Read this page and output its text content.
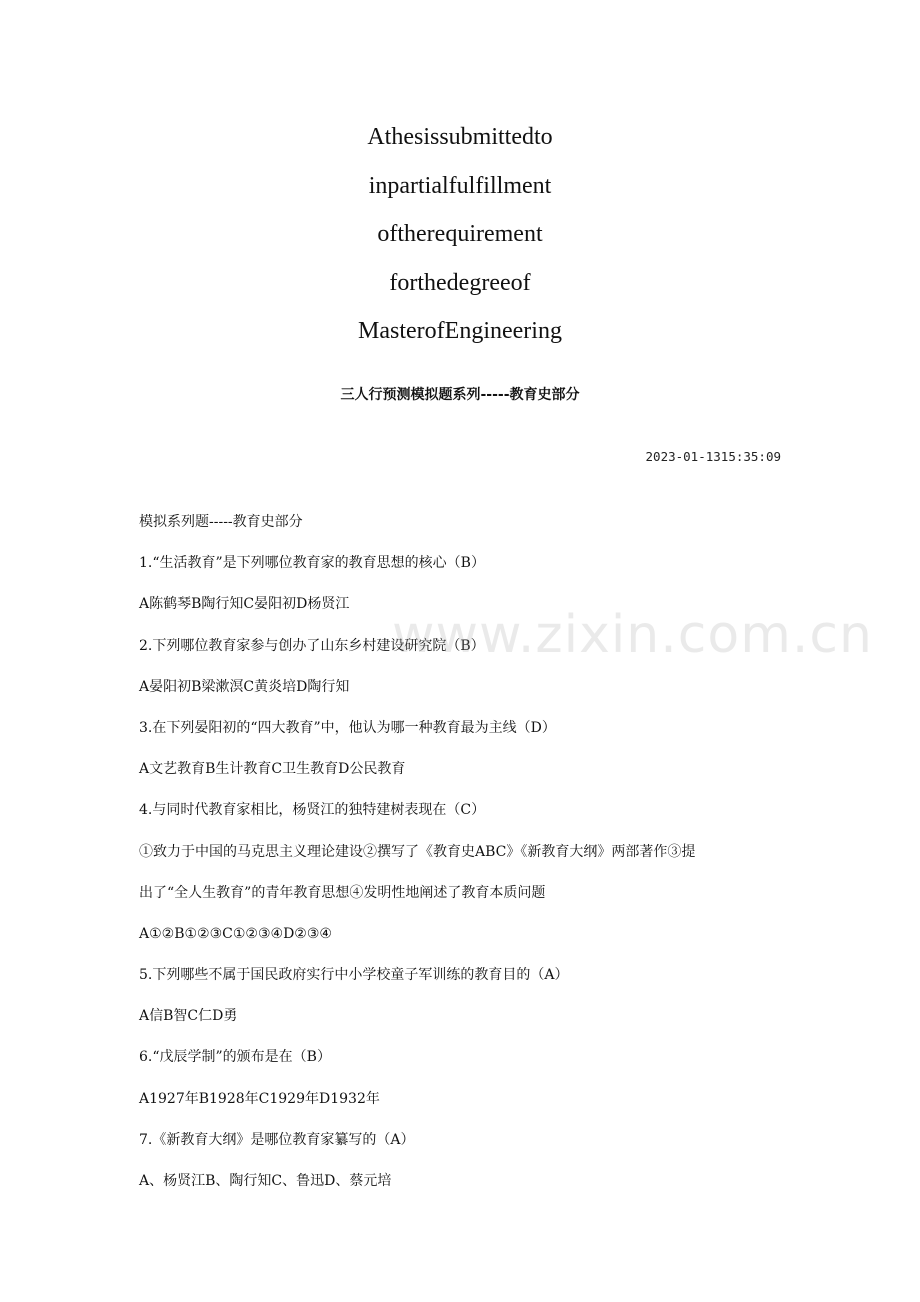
Athesissubmittedto
inpartialfulfillment
oftherequirement
forthedegreeof
MasterofEngineering
三人行预测模拟题系列-----教育史部分
2023-01-1315:35:09
模拟系列题-----教育史部分
1.“生活教育”是下列哪位教育家的教育思想的核心（B）
A陈鹤琴B陶行知C晏阳初D杨贤江
2.下列哪位教育家参与创办了山东乡村建设研究院（B）
A晏阳初B梁漱溟C黄炎培D陶行知
3.在下列晏阳初的“四大教育”中，他认为哪一种教育最为主线（D）
A文艺教育B生计教育C卫生教育D公民教育
4.与同时代教育家相比，杨贤江的独特建树表现在（C）
①致力于中国的马克思主义理论建设②撰写了《教育史ABC》《新教育大纲》两部著作③提
出了“全人生教育”的青年教育思想④发明性地阐述了教育本质问题
A①②B①②③C①②③④D②③④
5.下列哪些不属于国民政府实行中小学校童子军训练的教育目的（A）
A信B智C仁D勇
6.“戊辰学制”的颁布是在（B）
A1927年B1928年C1929年D1932年
7.《新教育大纲》是哪位教育家纂写的（A）
A、杨贤江B、陶行知C、鲁迅D、蔡元培
www.zixin.com.cn
